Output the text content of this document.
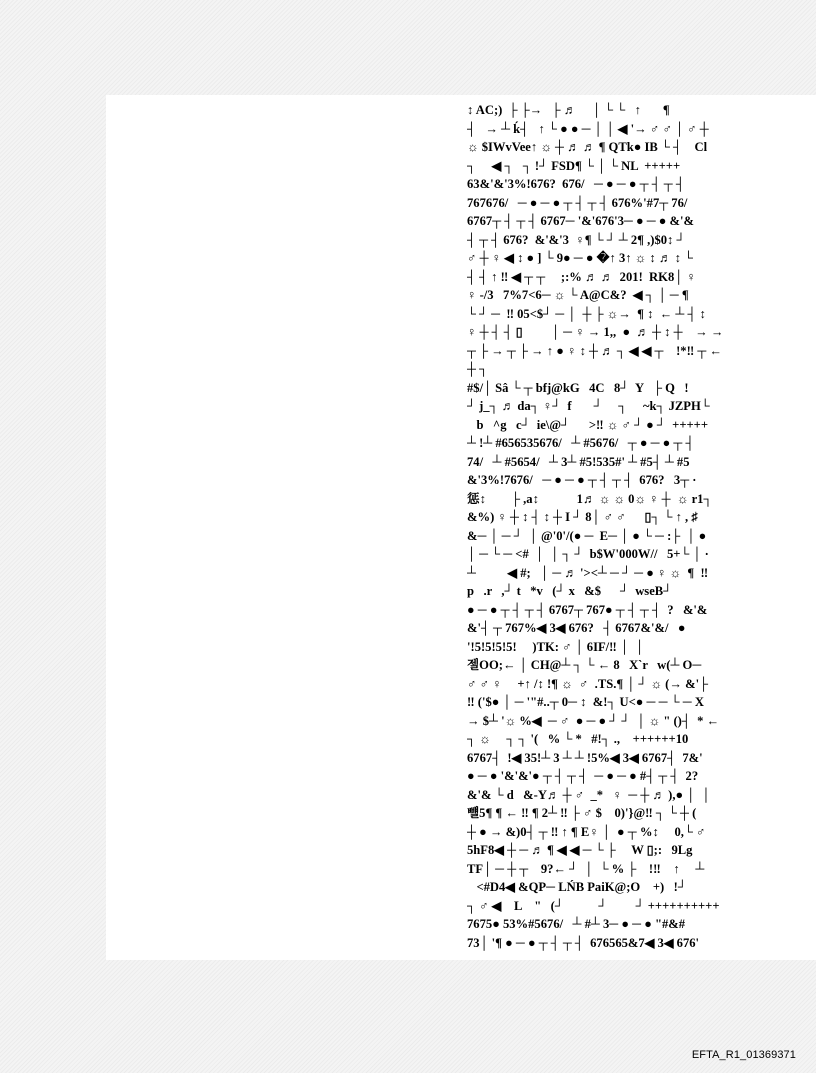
↕ AC;)  ├ ├→   ├ ♬     │ └ └   ↑       ¶
┤   → ┴ ḱ┤   ↑ └ ● ● ─ │ │ ◀ '→ ♂ ♂ │ ♂ ┼
☼ $IWvVee↑ ☼ ┼ ♬ ♬ ¶ QTk● IB └ ┤    Cl
┐     ◀ ┐   ┐ !┘ FSD¶ └ │ └ NL  +++++
63&'&'3%!676?  676/   ─ ● ─ ● ┬ ┤ ┬ ┤
767676/   ─ ● ─ ● ┬ ┤ ┬ ┤ 676%'#7┬ 76/
6767┬ ┤ ┬ ┤ 6767─ '&'676'3─ ● ─ ● &'&
┤ ┬ ┤ 676?  &'&'3  ♀¶ └ ┘ ┴ 2¶ ,)$0↕ ┘
♂ ┼ ♀ ◀ ↕ ● ] └ 9● ─ ● �↑ 3↑ ☼ ↕ ♬ ↕ └
┤ ┤ ↑ ‼ ◀ ┬ ┬     ;:% ♬ ♬  201!  RK8│ ♀
♀ -/3   7%7<6─ ☼ └ A@C&?  ◀ ┐ │ ─ ¶
└ ┘ ─  ‼ 05<$┘ ─ │  ┼ ├ ☼→  ¶ ↕  ← ┴ ┤ ↕
♀ ┼ ┤ ┤ ▯         │ ─ ♀ → 1,,  ●  ♬ ┼ ↕ ┼    → →
┬ ├ → ┬ ├ → ↑ ● ♀ ↕ ┼ ♬ ┐ ◀ ◀ ┬    !*‼ ┬ ←
┼ ┐
#$/│ Sâ └ ┬ bfj@kG   4C   8┘  Y   ├ Q   !
┘ j_┐ ♬ da┐ ♀┘  f       ┘     ┐     ~k┐ JZPH└
b   ^g   c┘  ie\@┘      >‼ ☼ ♂ ┘ ● ┘  +++++
┴ !┴ #656535676/   ┴ #5676/   ┬ ● ─ ● ┬ ┤
74/   ┴ #5654/   ┴ 3┴ #5!535#' ┴ #5┤ ┴ #5
&'3%!7676/   ─ ● ─ ● ┬ ┤ ┬ ┤  676?   3┬ ·
惩↕        ├ ,a↕            1♬ ☼ ☼ 0☼ ♀ ┼  ☼ r1┐
&%) ♀ ┼ ↕ ┤ ↕ ┼ I ┘ 8│ ♂ ♂      ▯┐ └ ↑ , ♯
&─ │ ─ ┘  │ @'0'/(● ─  E─ │ ● └ ─ :├  │ ●
│ ─ └ ─ <#  │  │ ┐ ┘  b$W'000W//   5+└ │ ·
┴          ◀ #;   │ ─ ♬ '><┴ ─ ┘ ─ ● ♀ ☼  ¶  ‼
p   .r   ,┘ t   *v   (┘ x   &$      ┘  wseB┘
● ─ ● ┬ ┤ ┬ ┤ 6767┬ 767● ┬ ┤ ┬ ┤  ?   &'&
&'┤ ┬ 767%◀ 3◀ 676?   ┤ 6767&'&/   ●
'!5!5!5!5!     )TK: ♂ │ 6IF/‼ │  │
젤OO;← │ CH@┴ ┐ └ ← 8   X`r   w(┴ O─
♂ ♂ ♀     +↑ /↕ !¶ ☼  ♂  .TS.¶ │ ┘ ☼ (→ &'├
‼ ('$● │ ─ '"#..┬ 0─ ↕  &!┐ U<● ─ ─ └ ─ X
→ $┴ '☼ %◀  ─ ♂  ● ─ ● ┘ ┘  │ ☼ " ()┤  * ←
┐ ☼     ┐ ┐ '(   % └ *   #!┐ .,    ++++++10
6767┤  !◀ 35!┴ 3 ┴ ┴ !5%◀ 3◀ 6767┤  7&'
● ─ ● '&'&'● ┬ ┤ ┬ ┤  ─ ● ─ ● #┤ ┬ ┤  2?
&'& └ d   &-Y♬ ┼ ♂  _*   ♀  ─ ┼ ♬ ),● │  │
뺼5¶ ¶ ← ‼ ¶ 2┴ ‼ ├ ♂ $    0)'}@‼ ┐ └ ┼ (
┼ ● → &)0┤ ┬ ‼ ↑ ¶ E♀ │  ● ┬ %↕     0,└ ♂
5hF8◀ ┼ ─ ♬ ¶ ◀ ◀ ─ └ ├     W ▯;:   9Lg
TF│ ─ ┼ ┬    9?← ┘  │  └ % ├    !‼    ↑     ┴
<#D4◀ &QP─ LŃB PaiK@;O    +)   !┘
┐ ♂ ◀    L    "   (┘           ┘         ┘ ++++++++++
7675● 53%#5676/   ┴ #┴ 3─ ● ─ ● "#&#
73│ '¶ ● ─ ● ┬ ┤ ┬ ┤  676565&7◀ 3◀ 676'
EFTA_R1_01369371
